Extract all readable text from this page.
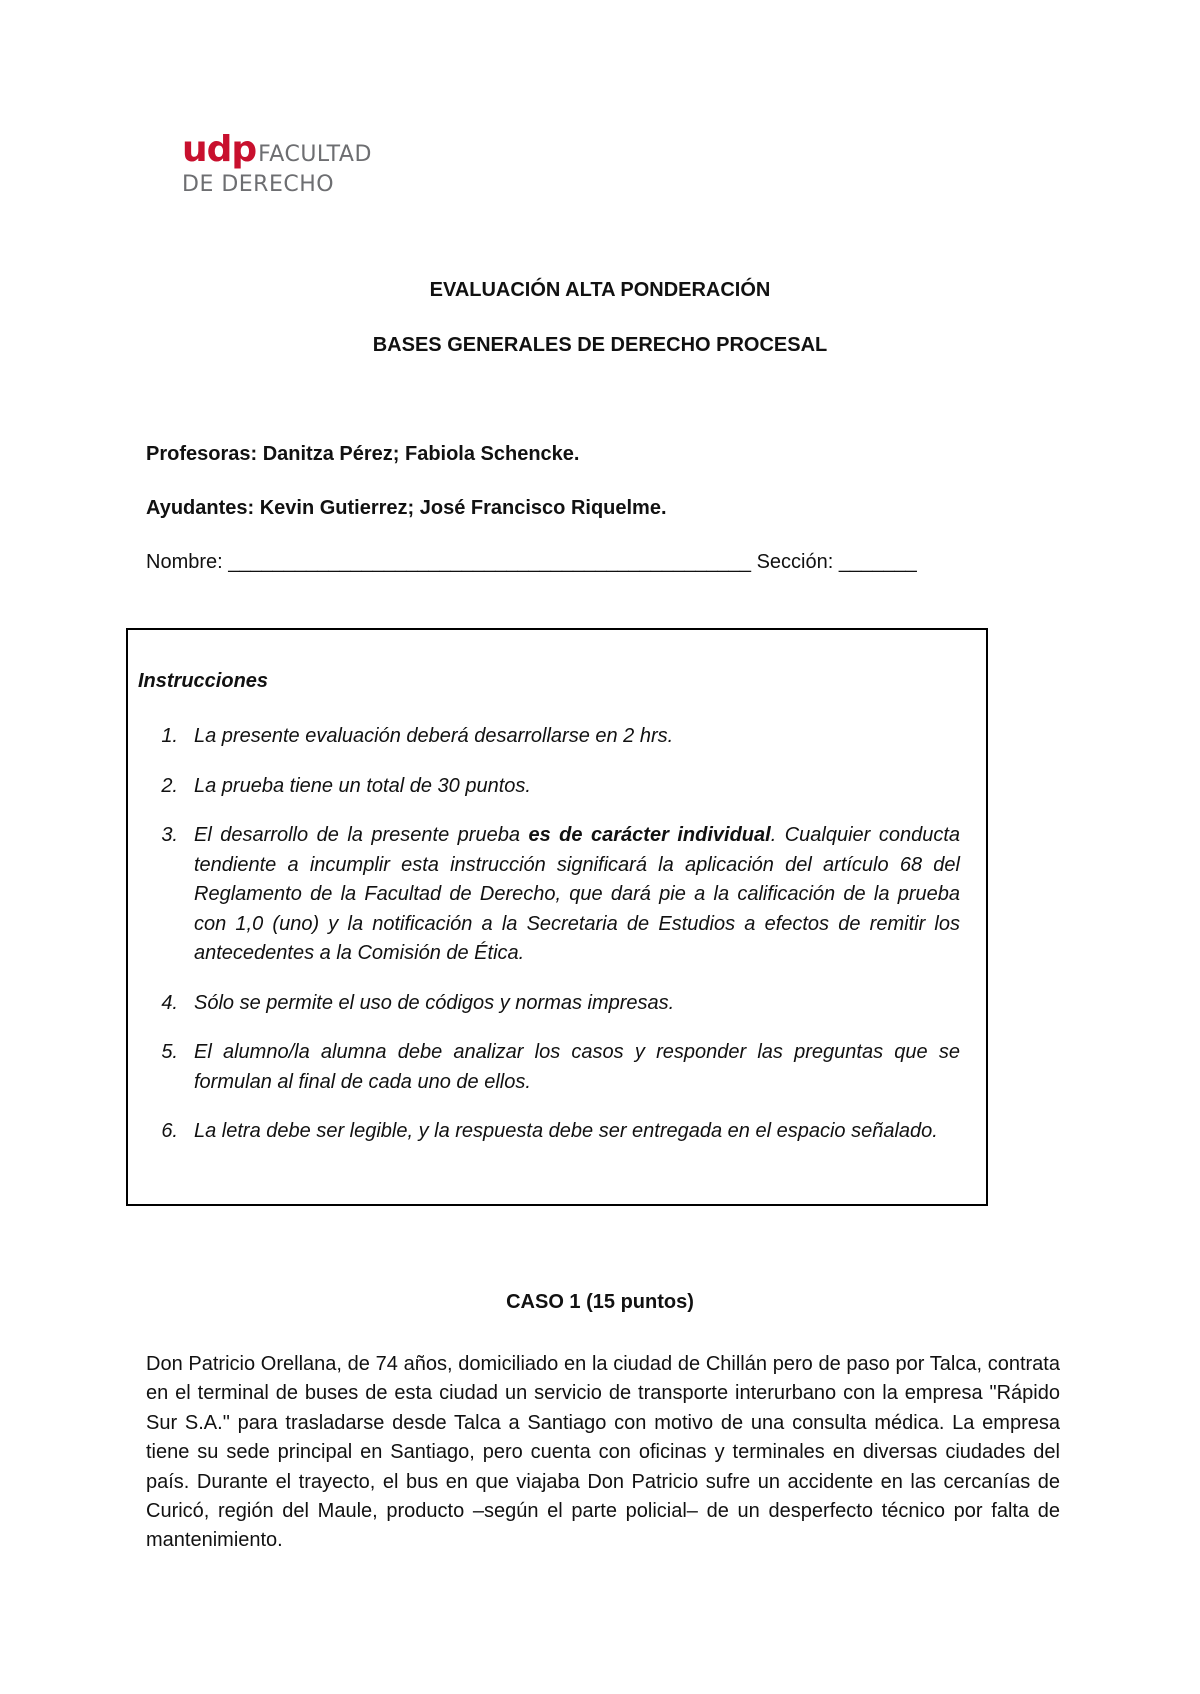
udp FACULTAD
DE DERECHO
EVALUACIÓN ALTA PONDERACIÓN
BASES GENERALES DE DERECHO PROCESAL
Profesoras: Danitza Pérez; Fabiola Schencke.
Ayudantes: Kevin Gutierrez; José Francisco Riquelme.
Nombre: _______________________________________________ Sección: _______
Instrucciones
1. La presente evaluación deberá desarrollarse en 2 hrs.
2. La prueba tiene un total de 30 puntos.
3. El desarrollo de la presente prueba es de carácter individual. Cualquier conducta tendiente a incumplir esta instrucción significará la aplicación del artículo 68 del Reglamento de la Facultad de Derecho, que dará pie a la calificación de la prueba con 1,0 (uno) y la notificación a la Secretaria de Estudios a efectos de remitir los antecedentes a la Comisión de Ética.
4. Sólo se permite el uso de códigos y normas impresas.
5. El alumno/la alumna debe analizar los casos y responder las preguntas que se formulan al final de cada uno de ellos.
6. La letra debe ser legible, y la respuesta debe ser entregada en el espacio señalado.
CASO 1 (15 puntos)
Don Patricio Orellana, de 74 años, domiciliado en la ciudad de Chillán pero de paso por Talca, contrata en el terminal de buses de esta ciudad un servicio de transporte interurbano con la empresa "Rápido Sur S.A." para trasladarse desde Talca a Santiago con motivo de una consulta médica. La empresa tiene su sede principal en Santiago, pero cuenta con oficinas y terminales en diversas ciudades del país. Durante el trayecto, el bus en que viajaba Don Patricio sufre un accidente en las cercanías de Curicó, región del Maule, producto –según el parte policial– de un desperfecto técnico por falta de mantenimiento.
